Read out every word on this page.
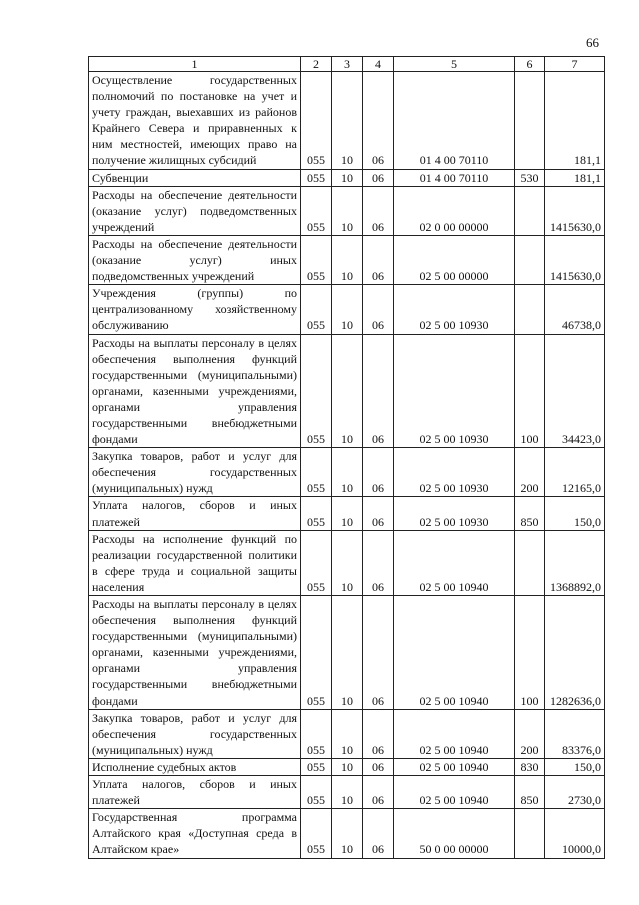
66
1	2	3	4	5	6	7
Осуществление государственных полномочий по постановке на учет и учету граждан, выехавших из районов Крайнего Севера и приравненных к ним местностей, имеющих право на получение жилищных субсидий	055	10	06	01 4 00 70110		181,1
Субвенции	055	10	06	01 4 00 70110	530	181,1
Расходы на обеспечение деятельности (оказание услуг) подведомственных учреждений	055	10	06	02 0 00 00000		1415630,0
Расходы на обеспечение деятельности (оказание услуг) иных подведомственных учреждений	055	10	06	02 5 00 00000		1415630,0
Учреждения (группы) по централизованному хозяйственному обслуживанию	055	10	06	02 5 00 10930		46738,0
Расходы на выплаты персоналу в целях обеспечения выполнения функций государственными (муниципальными) органами, казенными учреждениями, органами управления государственными внебюджетными фондами	055	10	06	02 5 00 10930	100	34423,0
Закупка товаров, работ и услуг для обеспечения государственных (муниципальных) нужд	055	10	06	02 5 00 10930	200	12165,0
Уплата налогов, сборов и иных платежей	055	10	06	02 5 00 10930	850	150,0
Расходы на исполнение функций по реализации государственной политики в сфере труда и социальной защиты населения	055	10	06	02 5 00 10940		1368892,0
Расходы на выплаты персоналу в целях обеспечения выполнения функций государственными (муниципальными) органами, казенными учреждениями, органами управления государственными внебюджетными фондами	055	10	06	02 5 00 10940	100	1282636,0
Закупка товаров, работ и услуг для обеспечения государственных (муниципальных) нужд	055	10	06	02 5 00 10940	200	83376,0
Исполнение судебных актов	055	10	06	02 5 00 10940	830	150,0
Уплата налогов, сборов и иных платежей	055	10	06	02 5 00 10940	850	2730,0
Государственная программа Алтайского края «Доступная среда в Алтайском крае»	055	10	06	50 0 00 00000		10000,0
